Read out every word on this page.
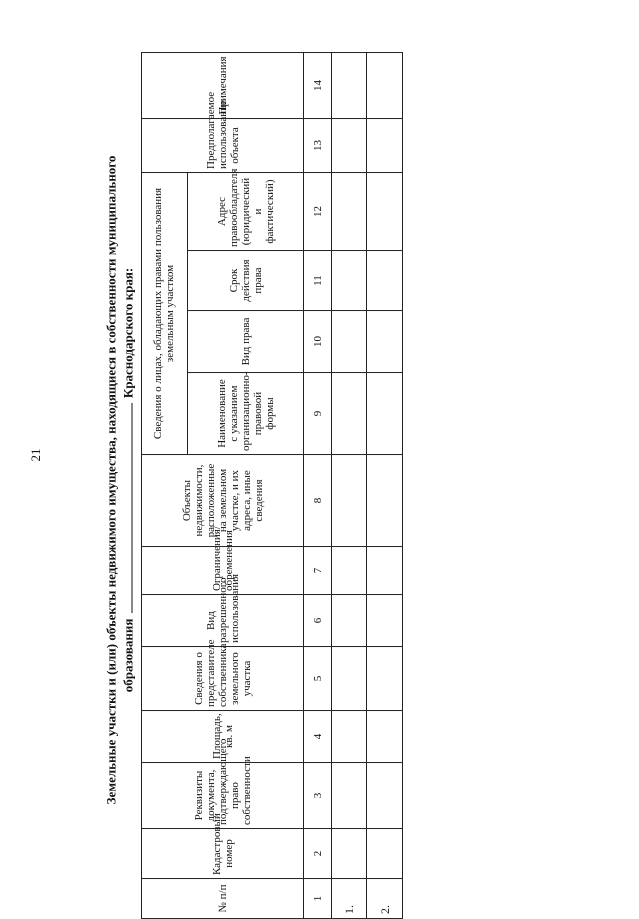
21	Земельные участки и (или) объекты недвижимого имущества, находящиеся в собственности муниципального образования  Краснодарского края:
№ п/п	Кадастровый номер	Реквизиты документа, подтверждающего право собственности	Площадь, кв. м	Сведения о представителе собственника земельного участка	Вид разрешенного использования	Ограничения/обременения	Объекты недвижимости, расположенные на земельном участке, и их адреса, иные сведения	Сведения о лицах, обладающих правами пользования земельным участком				Предполагаемое использование объекта	Примечания
								Наименование с указанием организационно-правовой формы	Вид права	Срок действия права	Адрес правообладателя (юридический и фактический)		
1	2	3	4	5	6	7	8	9	10	11	12	13	14
1.													
2.													
